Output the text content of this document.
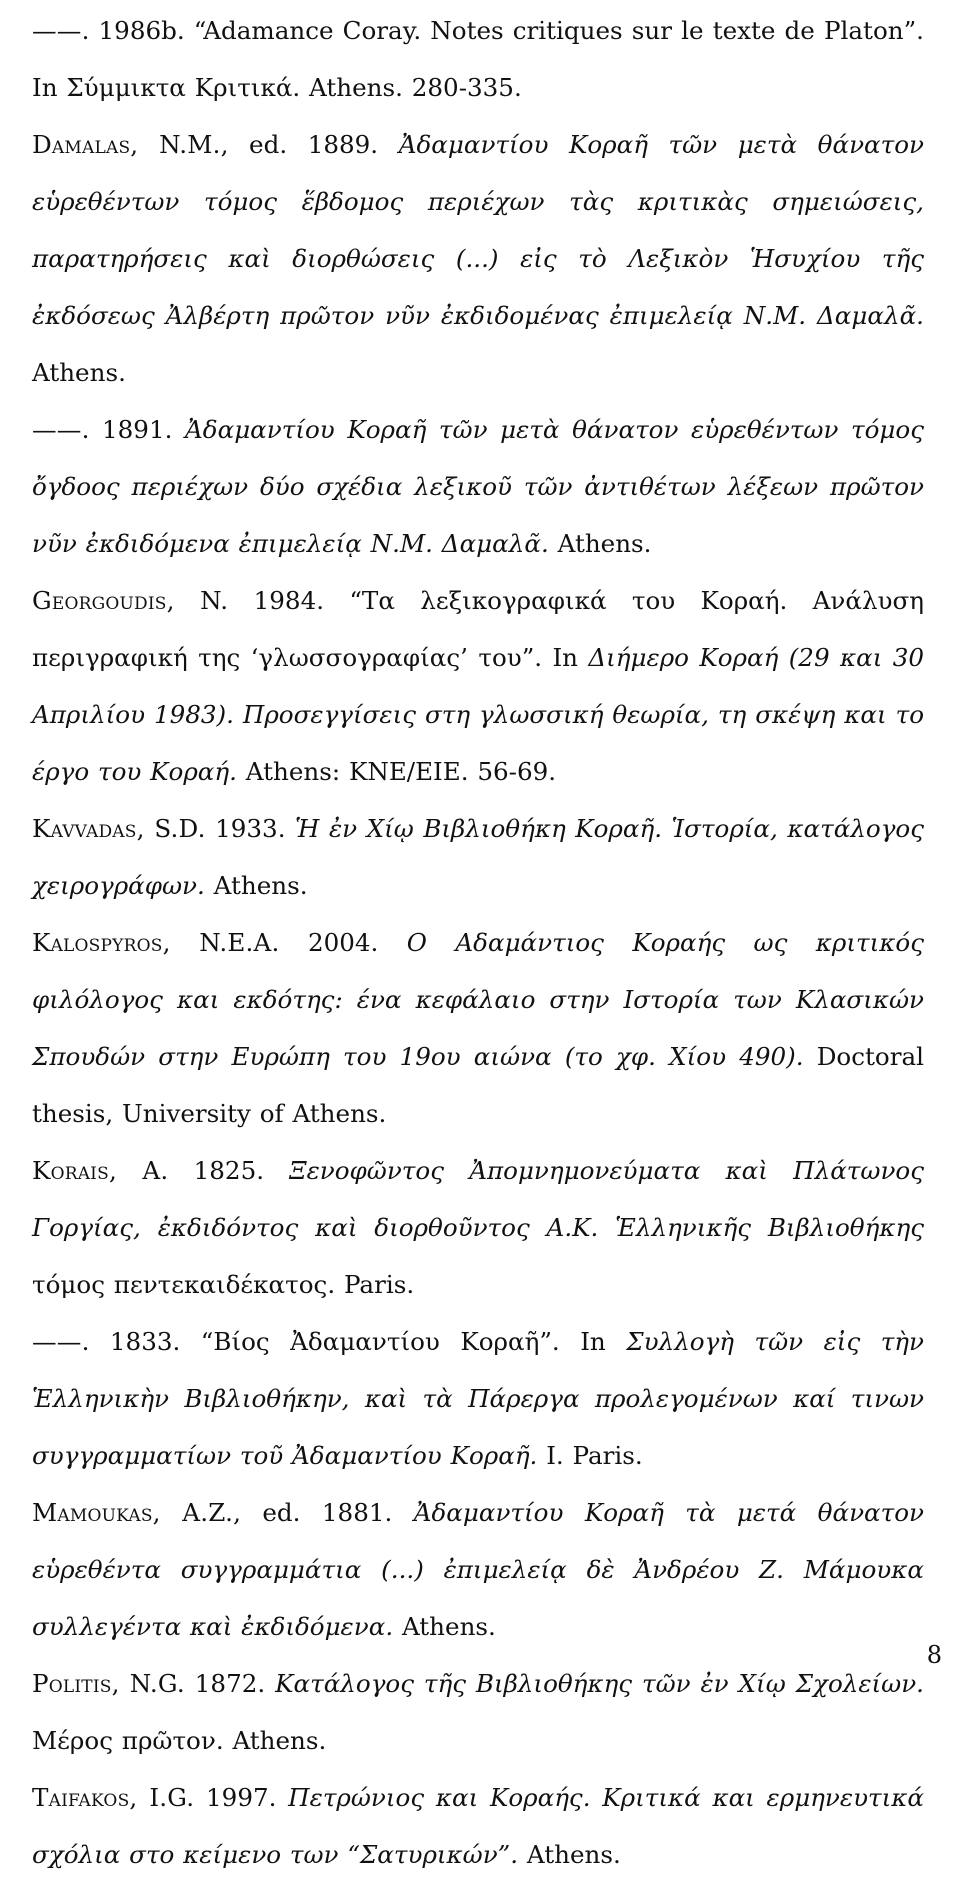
——. 1986b. “Adamance Coray. Notes critiques sur le texte de Platon”. In Σύμμικτα Κριτικά. Athens. 280-335.

Damalas, N.M., ed. 1889. Ἀδαμαντίου Κοραῆ τῶν μετὰ θάνατον εὑρεθέντων τόμος ἕβδομος περιέχων τὰς κριτικὰς σημειώσεις, παρατηρήσεις καὶ διορθώσεις (...) εἰς τὸ Λεξικὸν Ἡσυχίου τῆς ἐκδόσεως Ἀλβέρτη πρῶτον νῦν ἐκδιδομένας ἐπιμελείᾳ Ν.Μ. Δαμαλᾶ. Athens.

——. 1891. Ἀδαμαντίου Κοραῆ τῶν μετὰ θάνατον εὑρεθέντων τόμος ὄγδοος περιέχων δύο σχέδια λεξικοῦ τῶν ἀντιθέτων λέξεων πρῶτον νῦν ἐκδιδόμενα ἐπιμελείᾳ Ν.Μ. Δαμαλᾶ. Athens.

Georgoudis, N. 1984. “Τα λεξικογραφικά του Κοραή. Ανάλυση περιγραφική της ‘γλωσσογραφίας’ του”. In Διήμερο Κοραή (29 και 30 Απριλίου 1983). Προσεγγίσεις στη γλωσσική θεωρία, τη σκέψη και το έργο του Κοραή. Athens: ΚΝΕ/ΕΙΕ. 56-69.

Kavvadas, S.D. 1933. Ἡ ἐν Χίῳ Βιβλιοθήκη Κοραῆ. Ἱστορία, κατάλογος χειρογράφων. Athens.

Kalospyros, N.E.A. 2004. Ο Αδαμάντιος Κοραής ως κριτικός φιλόλογος και εκδότης: ένα κεφάλαιο στην Ιστορία των Κλασικών Σπουδών στην Ευρώπη του 19ου αιώνα (το χφ. Χίου 490). Doctoral thesis, University of Athens.

Korais, A. 1825. Ξενοφῶντος Ἀπομνημονεύματα καὶ Πλάτωνος Γοργίας, ἐκδιδόντος καὶ διορθοῦντος Α.Κ. Ἑλληνικῆς Βιβλιοθήκης τόμος πεντεκαιδέκατος. Paris.

——. 1833. “Βίος Ἀδαμαντίου Κοραῆ”. In Συλλογὴ τῶν εἰς τὴν Ἑλληνικὴν Βιβλιοθήκην, καὶ τὰ Πάρεργα προλεγομένων καί τινων συγγραμματίων τοῦ Ἀδαμαντίου Κοραῆ. I. Paris.

Mamoukas, A.Z., ed. 1881. Ἀδαμαντίου Κοραῆ τὰ μετά θάνατον εὑρεθέντα συγγραμμάτια (...) ἐπιμελείᾳ δὲ Ἀνδρέου Ζ. Μάμουκα συλλεγέντα καὶ ἐκδιδόμενα. Athens.

Politis, N.G. 1872. Κατάλογος τῆς Βιβλιοθήκης τῶν ἐν Χίῳ Σχολείων. Μέρος πρῶτον. Athens.

Taifakos, I.G. 1997. Πετρώνιος και Κοραής. Κριτικά και ερμηνευτικά σχόλια στο κείμενο των “Σατυρικών”. Athens.

8
